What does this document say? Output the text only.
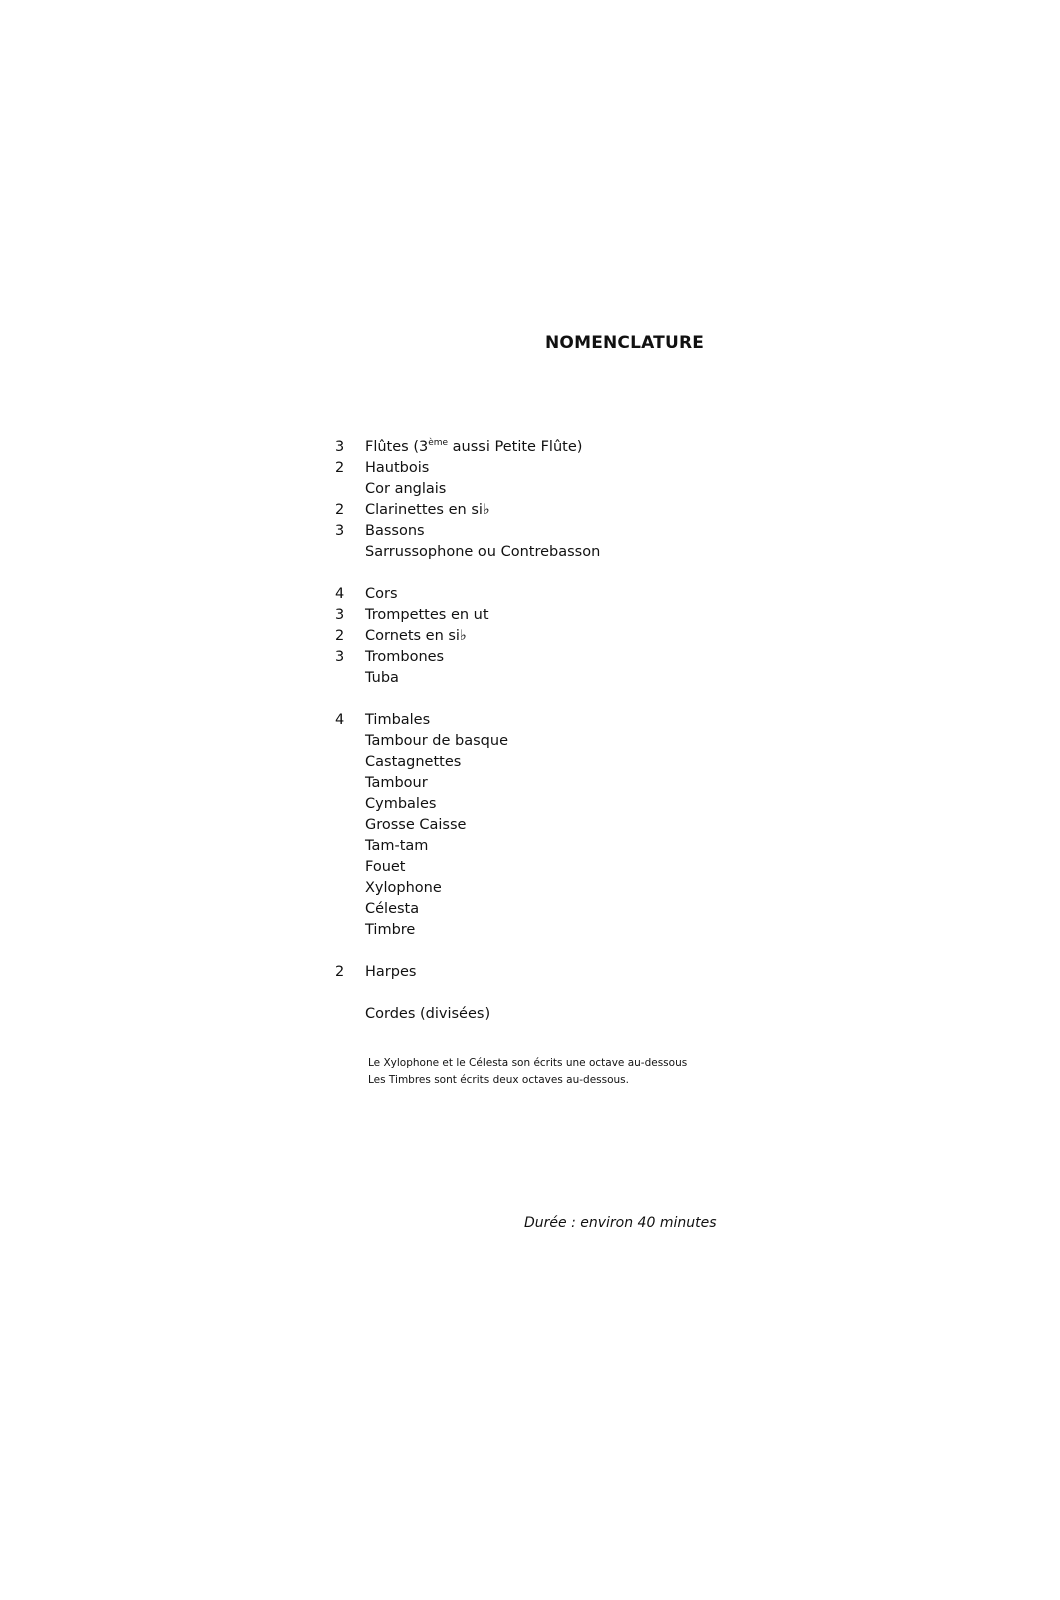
NOMENCLATURE
3 Flûtes (3ème aussi Petite Flûte)
2 Hautbois
Cor anglais
2 Clarinettes en si♭
3 Bassons
Sarrussophone ou Contrebasson
4 Cors
3 Trompettes en ut
2 Cornets en si♭
3 Trombones
Tuba
4 Timbales
Tambour de basque
Castagnettes
Tambour
Cymbales
Grosse Caisse
Tam-tam
Fouet
Xylophone
Célesta
Timbre
2 Harpes
Cordes (divisées)
Le Xylophone et le Célesta son écrits une octave au-dessous
Les Timbres sont écrits deux octaves au-dessous.
Durée : environ 40 minutes
